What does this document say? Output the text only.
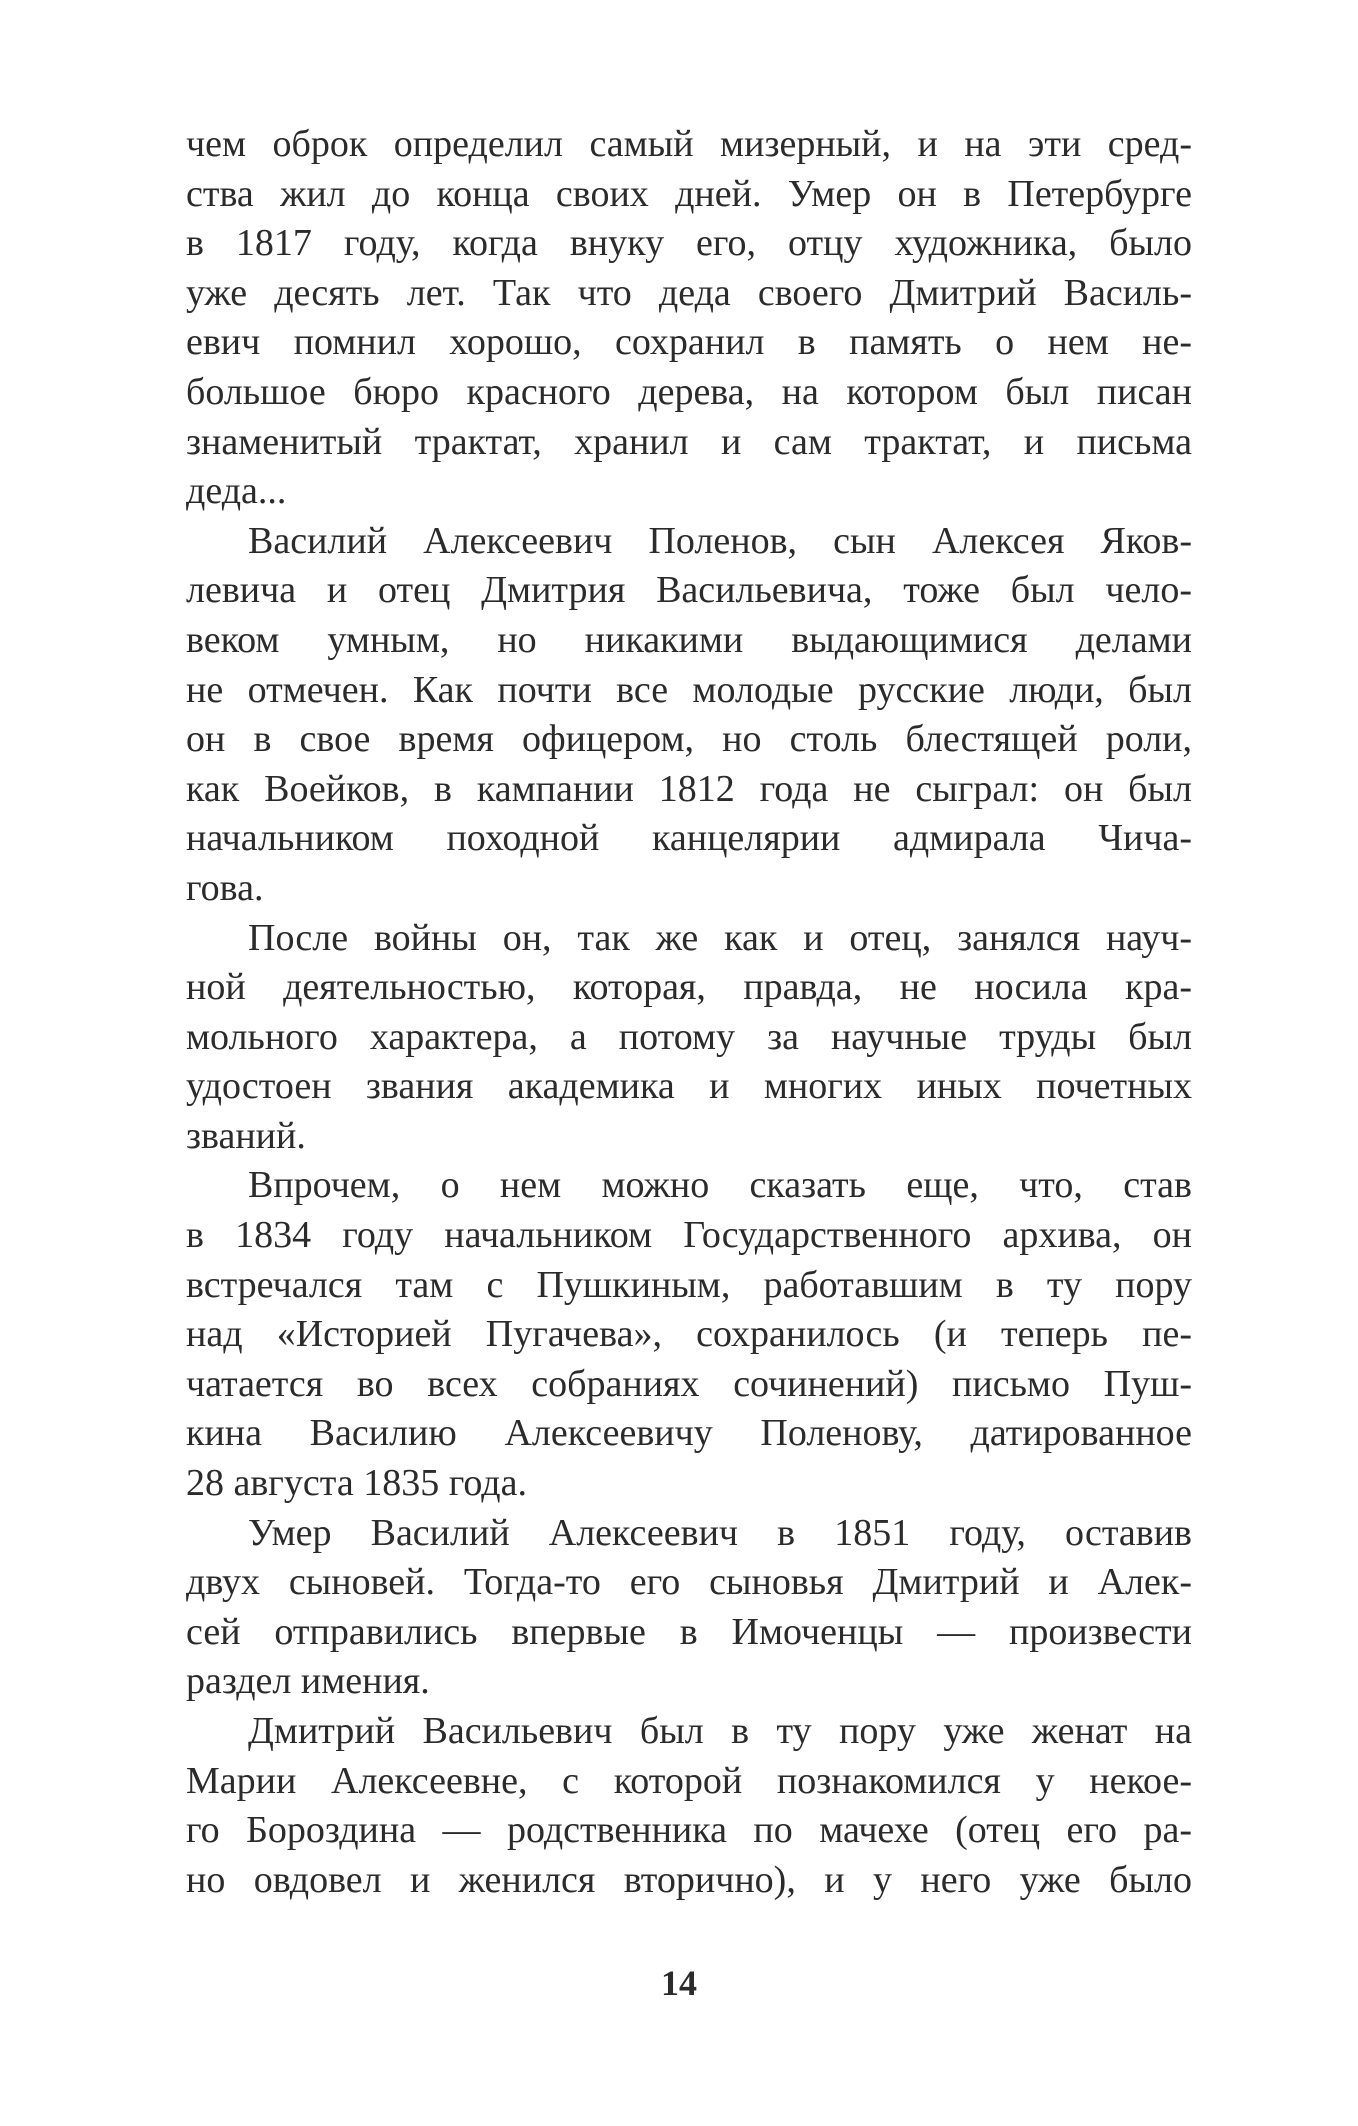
чем оброк определил самый мизерный, и на эти сред-
ства жил до конца своих дней. Умер он в Петербурге
в 1817 году, когда внуку его, отцу художника, было
уже десять лет. Так что деда своего Дмитрий Василь-
евич помнил хорошо, сохранил в память о нем не-
большое бюро красного дерева, на котором был писан
знаменитый трактат, хранил и сам трактат, и письма
деда...
Василий Алексеевич Поленов, сын Алексея Яков-
левича и отец Дмитрия Васильевича, тоже был чело-
веком умным, но никакими выдающимися делами
не отмечен. Как почти все молодые русские люди, был
он в свое время офицером, но столь блестящей роли,
как Воейков, в кампании 1812 года не сыграл: он был
начальником походной канцелярии адмирала Чича-
гова.
После войны он, так же как и отец, занялся науч-
ной деятельностью, которая, правда, не носила кра-
мольного характера, а потому за научные труды был
удостоен звания академика и многих иных почетных
званий.
Впрочем, о нем можно сказать еще, что, став
в 1834 году начальником Государственного архива, он
встречался там с Пушкиным, работавшим в ту пору
над «Историей Пугачева», сохранилось (и теперь пе-
чатается во всех собраниях сочинений) письмо Пуш-
кина Василию Алексеевичу Поленову, датированное
28 августа 1835 года.
Умер Василий Алексеевич в 1851 году, оставив
двух сыновей. Тогда-то его сыновья Дмитрий и Алек-
сей отправились впервые в Имоченцы — произвести
раздел имения.
Дмитрий Васильевич был в ту пору уже женат на
Марии Алексеевне, с которой познакомился у некое-
го Бороздина — родственника по мачехе (отец его ра-
но овдовел и женился вторично), и у него уже было
14
